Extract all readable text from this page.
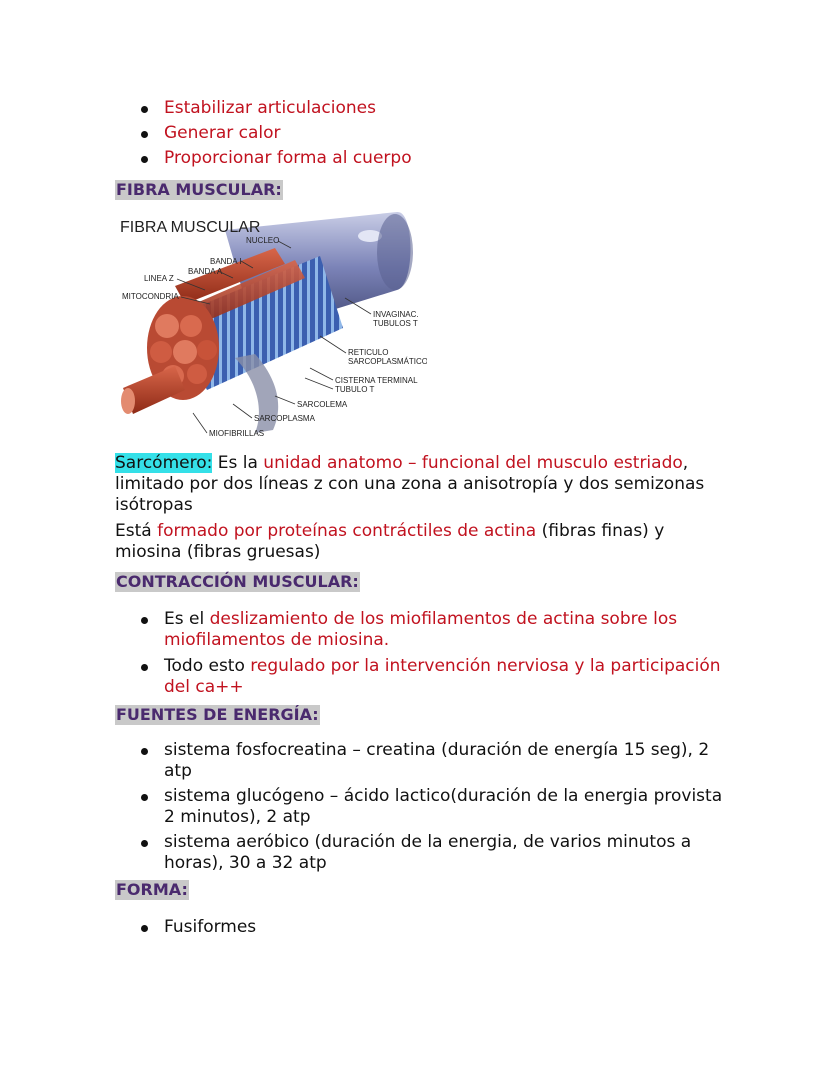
Estabilizar articulaciones
Generar calor
Proporcionar forma al cuerpo
FIBRA MUSCULAR:
FIBRA MUSCULAR
NUCLEO
BANDA I
BANDA A
LINEA Z
MITOCONDRIA
INVAGINAC.
TUBULOS T
RETICULO
SARCOPLASMÁTICO
CISTERNA TERMINAL
TUBULO T
SARCOLEMA
SARCOPLASMA
MIOFIBRILLAS
Sarcómero: Es la unidad anatomo – funcional del musculo estriado, limitado por dos líneas z con una zona a anisotropía y dos semizonas isótropas
Está formado por proteínas contráctiles de actina (fibras finas) y miosina (fibras gruesas)
CONTRACCIÓN MUSCULAR:
Es el deslizamiento de los miofilamentos de actina sobre los miofilamentos de miosina.
Todo esto regulado por la intervención nerviosa y la participación del ca++
FUENTES DE ENERGÍA:
sistema fosfocreatina – creatina (duración de energía 15 seg), 2 atp
sistema glucógeno – ácido lactico(duración de la energia provista 2 minutos), 2 atp
sistema aeróbico (duración de la energia, de varios minutos a horas), 30 a 32 atp
FORMA:
Fusiformes
